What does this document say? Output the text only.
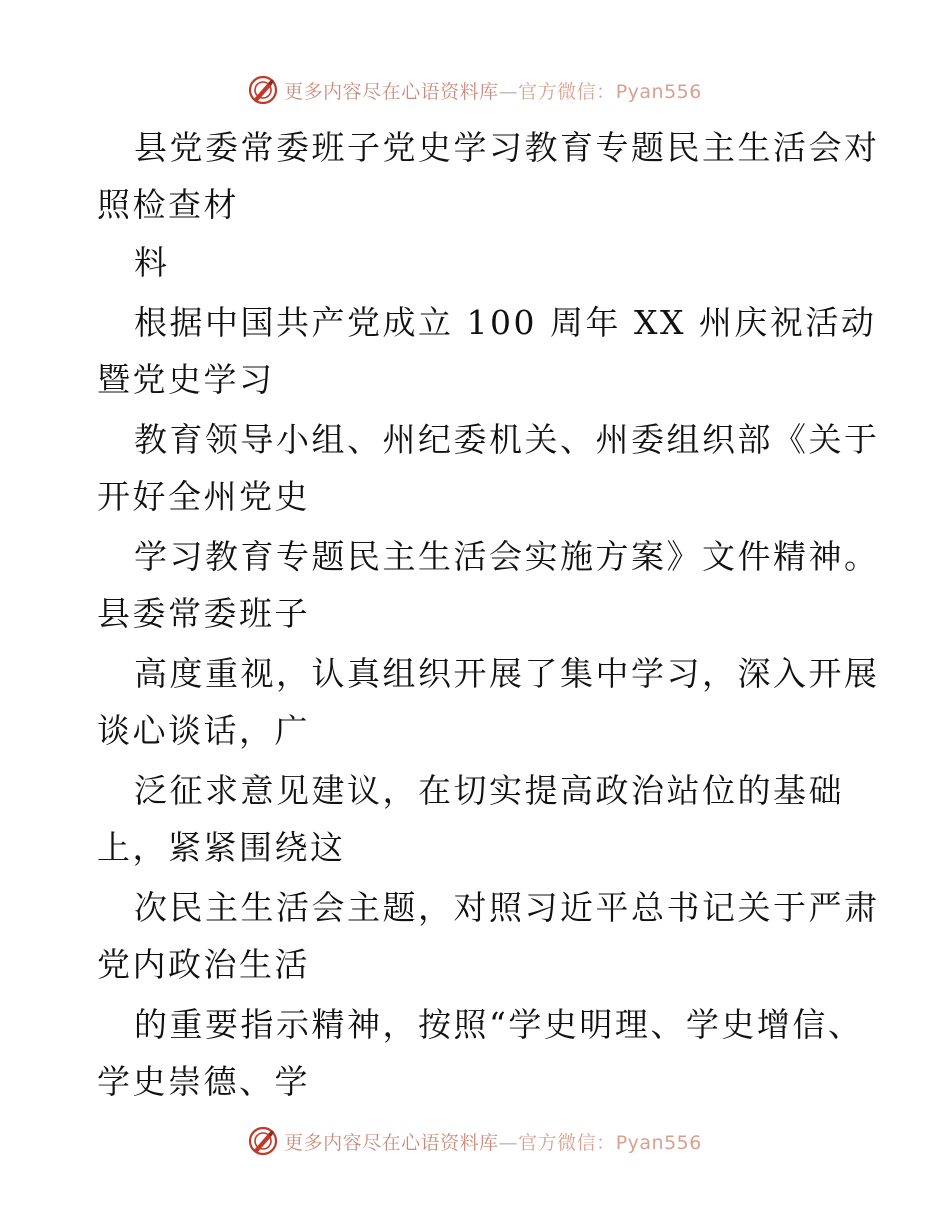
更多内容尽在心语资料库—官方微信：Pyan556
县党委常委班子党史学习教育专题民主生活会对
照检查材
料
根据中国共产党成立 100 周年 XX 州庆祝活动
暨党史学习
教育领导小组、州纪委机关、州委组织部《关于
开好全州党史
学习教育专题民主生活会实施方案》文件精神。
县委常委班子
高度重视，认真组织开展了集中学习，深入开展
谈心谈话，广
泛征求意见建议，在切实提高政治站位的基础
上，紧紧围绕这
次民主生活会主题，对照习近平总书记关于严肃
党内政治生活
的重要指示精神，按照“学史明理、学史增信、
学史崇德、学
更多内容尽在心语资料库—官方微信：Pyan556
